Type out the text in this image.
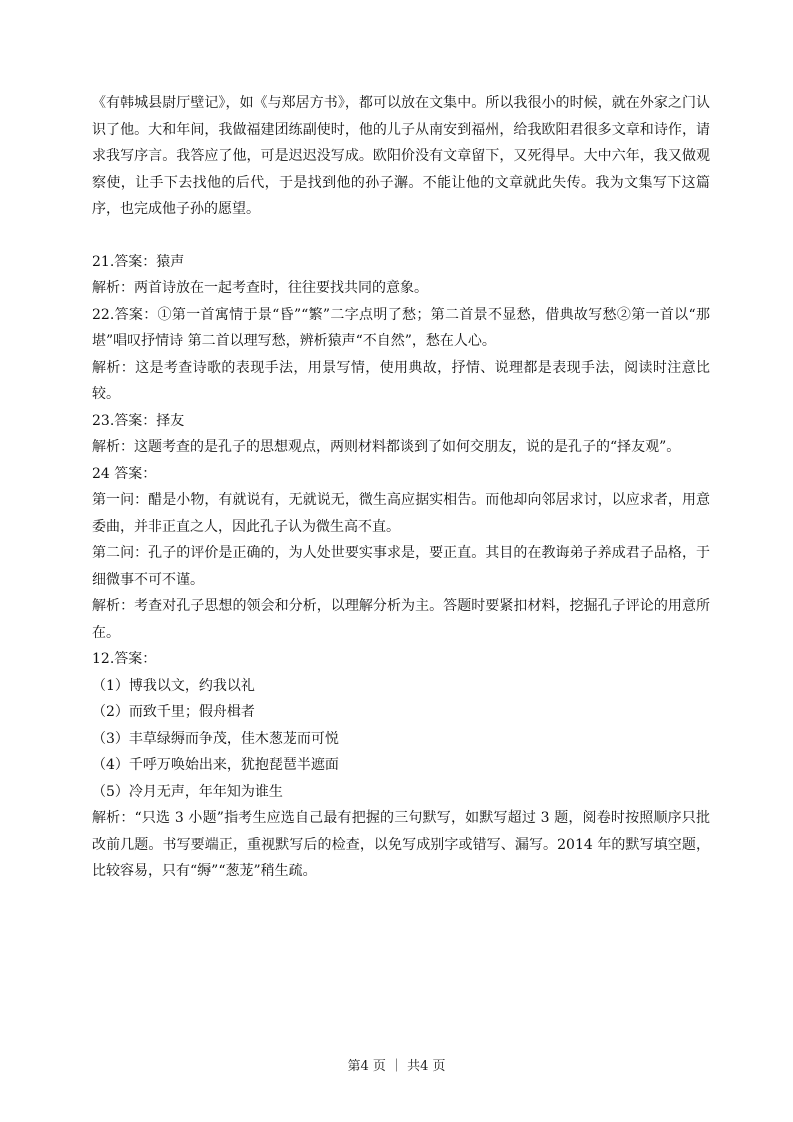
《有韩城县尉厅壁记》，如《与郑居方书》，都可以放在文集中。所以我很小的时候，就在外家之门认识了他。大和年间，我做福建团练副使时，他的儿子从南安到福州，给我欧阳君很多文章和诗作，请求我写序言。我答应了他，可是迟迟没写成。欧阳价没有文章留下，又死得早。大中六年，我又做观察使，让手下去找他的后代，于是找到他的孙子澥。不能让他的文章就此失传。我为文集写下这篇序，也完成他子孙的愿望。

21.答案：猿声

解析：两首诗放在一起考查时，往往要找共同的意象。

22.答案：①第一首寓情于景“昏”“繁”二字点明了愁；第二首景不显愁，借典故写愁②第一首以“那堪”唱叹抒情诗 第二首以理写愁，辨析猿声“不自然”，愁在人心。

解析：这是考查诗歌的表现手法，用景写情，使用典故，抒情、说理都是表现手法，阅读时注意比较。

23.答案：择友

解析：这题考查的是孔子的思想观点，两则材料都谈到了如何交朋友，说的是孔子的“择友观”。

24 答案：

第一问：醋是小物，有就说有，无就说无，微生高应据实相告。而他却向邻居求讨，以应求者，用意委曲，并非正直之人，因此孔子认为微生高不直。

第二问：孔子的评价是正确的，为人处世要实事求是，要正直。其目的在教诲弟子养成君子品格，于细微事不可不谨。

解析：考查对孔子思想的领会和分析，以理解分析为主。答题时要紧扣材料，挖掘孔子评论的用意所在。

12.答案：

（1）博我以文，约我以礼

（2）而致千里；假舟楫者

（3）丰草绿缛而争茂，佳木葱茏而可悦

（4）千呼万唤始出来，犹抱琵琶半遮面

（5）冷月无声，年年知为谁生

解析：“只选 3 小题”指考生应选自己最有把握的三句默写，如默写超过 3 题，阅卷时按照顺序只批改前几题。书写要端正，重视默写后的检查，以免写成别字或错写、漏写。2014 年的默写填空题，比较容易，只有“缛”“葱茏”稍生疏。

第4 页 ｜ 共4 页
